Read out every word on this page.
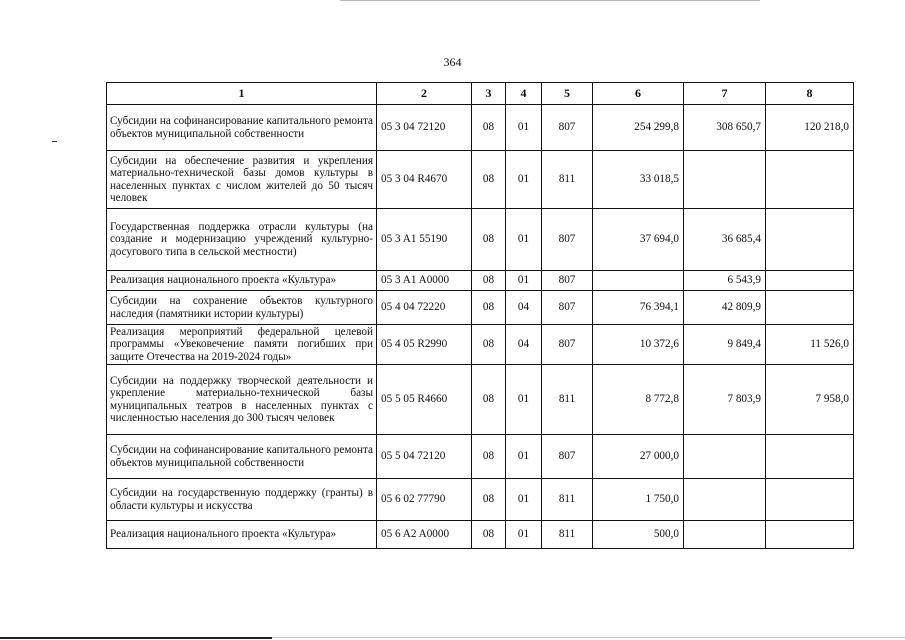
364
1	2	3	4	5	6	7	8
Субсидии на софинансирование капитального ремонта объектов муниципальной собственности	05 3 04 72120	08	01	807	254 299,8	308 650,7	120 218,0
Субсидии на обеспечение развития и укрепления материально-технической базы домов культуры в населенных пунктах с числом жителей до 50 тысяч человек	05 3 04 R4670	08	01	811	33 018,5		
Государственная поддержка отрасли культуры (на создание и модернизацию учреждений культурно-досугового типа в сельской местности)	05 3 A1 55190	08	01	807	37 694,0	36 685,4	
Реализация национального проекта «Культура»	05 3 A1 A0000	08	01	807		6 543,9	
Субсидии на сохранение объектов культурного наследия (памятники истории культуры)	05 4 04 72220	08	04	807	76 394,1	42 809,9	
Реализация мероприятий федеральной целевой программы «Увековечение памяти погибших при защите Отечества на 2019-2024 годы»	05 4 05 R2990	08	04	807	10 372,6	9 849,4	11 526,0
Субсидии на поддержку творческой деятельности и укрепление материально-технической базы муниципальных театров в населенных пунктах с численностью населения до 300 тысяч человек	05 5 05 R4660	08	01	811	8 772,8	7 803,9	7 958,0
Субсидии на софинансирование капитального ремонта объектов муниципальной собственности	05 5 04 72120	08	01	807	27 000,0		
Субсидии на государственную поддержку (гранты) в области культуры и искусства	05 6 02 77790	08	01	811	1 750,0		
Реализация национального проекта «Культура»	05 6 A2 A0000	08	01	811	500,0		
